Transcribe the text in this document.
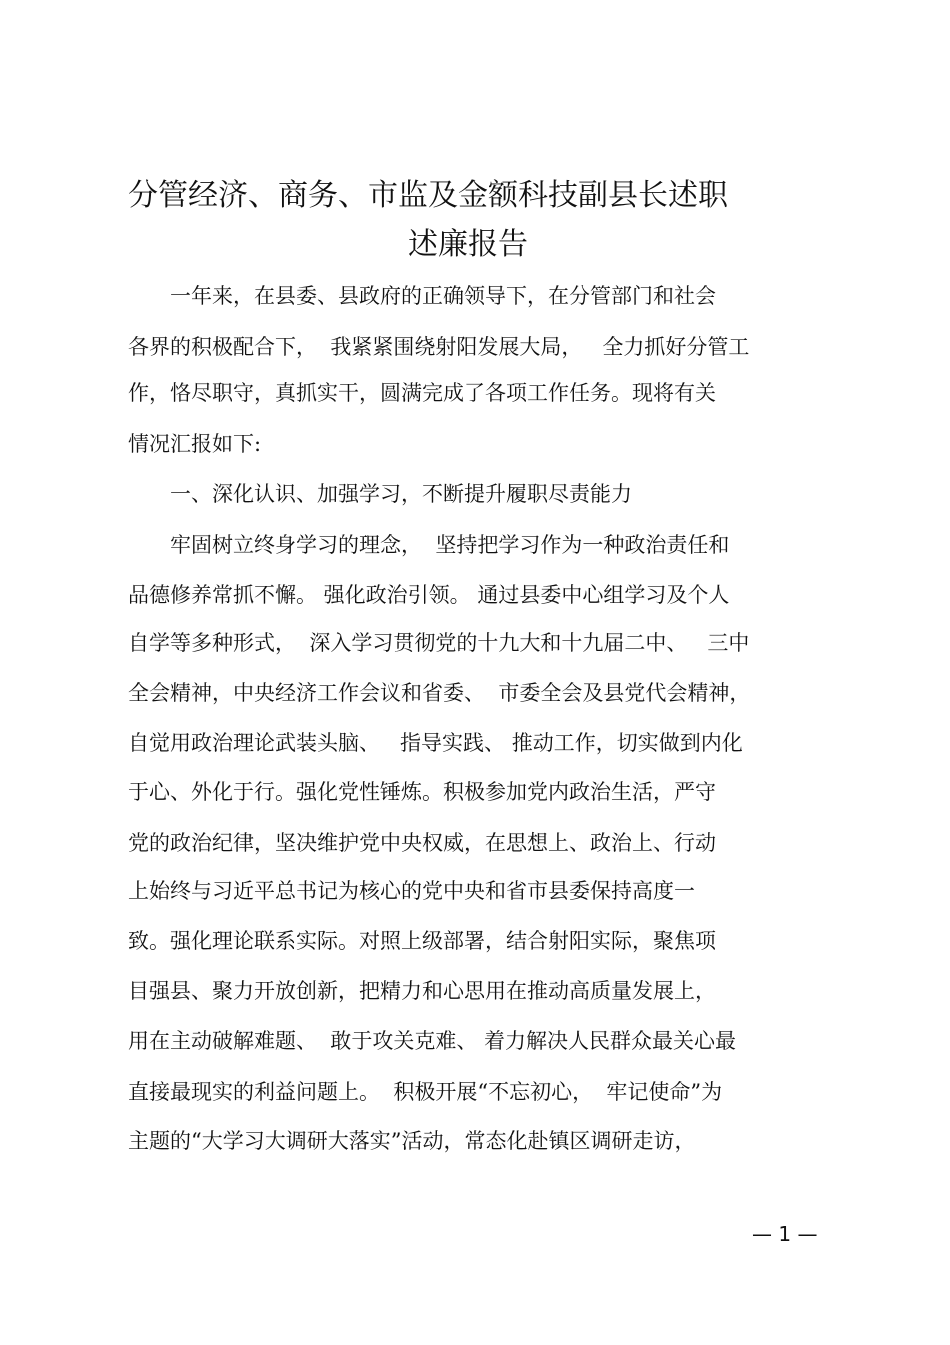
分管经济、商务、市监及金额科技副县长述职
述廉报告

　　一年来，在县委、县政府的正确领导下，在分管部门和社会

各界的积极配合下，  我紧紧围绕射阳发展大局，   全力抓好分管工

作，恪尽职守，真抓实干，圆满完成了各项工作任务。现将有关

情况汇报如下:

　　一、深化认识、加强学习，不断提升履职尽责能力

　　牢固树立终身学习的理念，  坚持把学习作为一种政治责任和

品德修养常抓不懈。 强化政治引领。 通过县委中心组学习及个人

自学等多种形式，  深入学习贯彻党的十九大和十九届二中、   三中

全会精神，中央经济工作会议和省委、  市委全会及县党代会精神，

自觉用政治理论武装头脑、   指导实践、 推动工作，切实做到内化

于心、外化于行。强化党性锤炼。积极参加党内政治生活，严守

党的政治纪律，坚决维护党中央权威，在思想上、政治上、行动

上始终与习近平总书记为核心的党中央和省市县委保持高度一

致。强化理论联系实际。对照上级部署，结合射阳实际，聚焦项

目强县、聚力开放创新，把精力和心思用在推动高质量发展上，

用在主动破解难题、  敢于攻关克难、 着力解决人民群众最关心最

直接最现实的利益问题上。  积极开展“不忘初心，  牢记使命”为

主题的“大学习大调研大落实”活动，常态化赴镇区调研走访，

— 1 —
